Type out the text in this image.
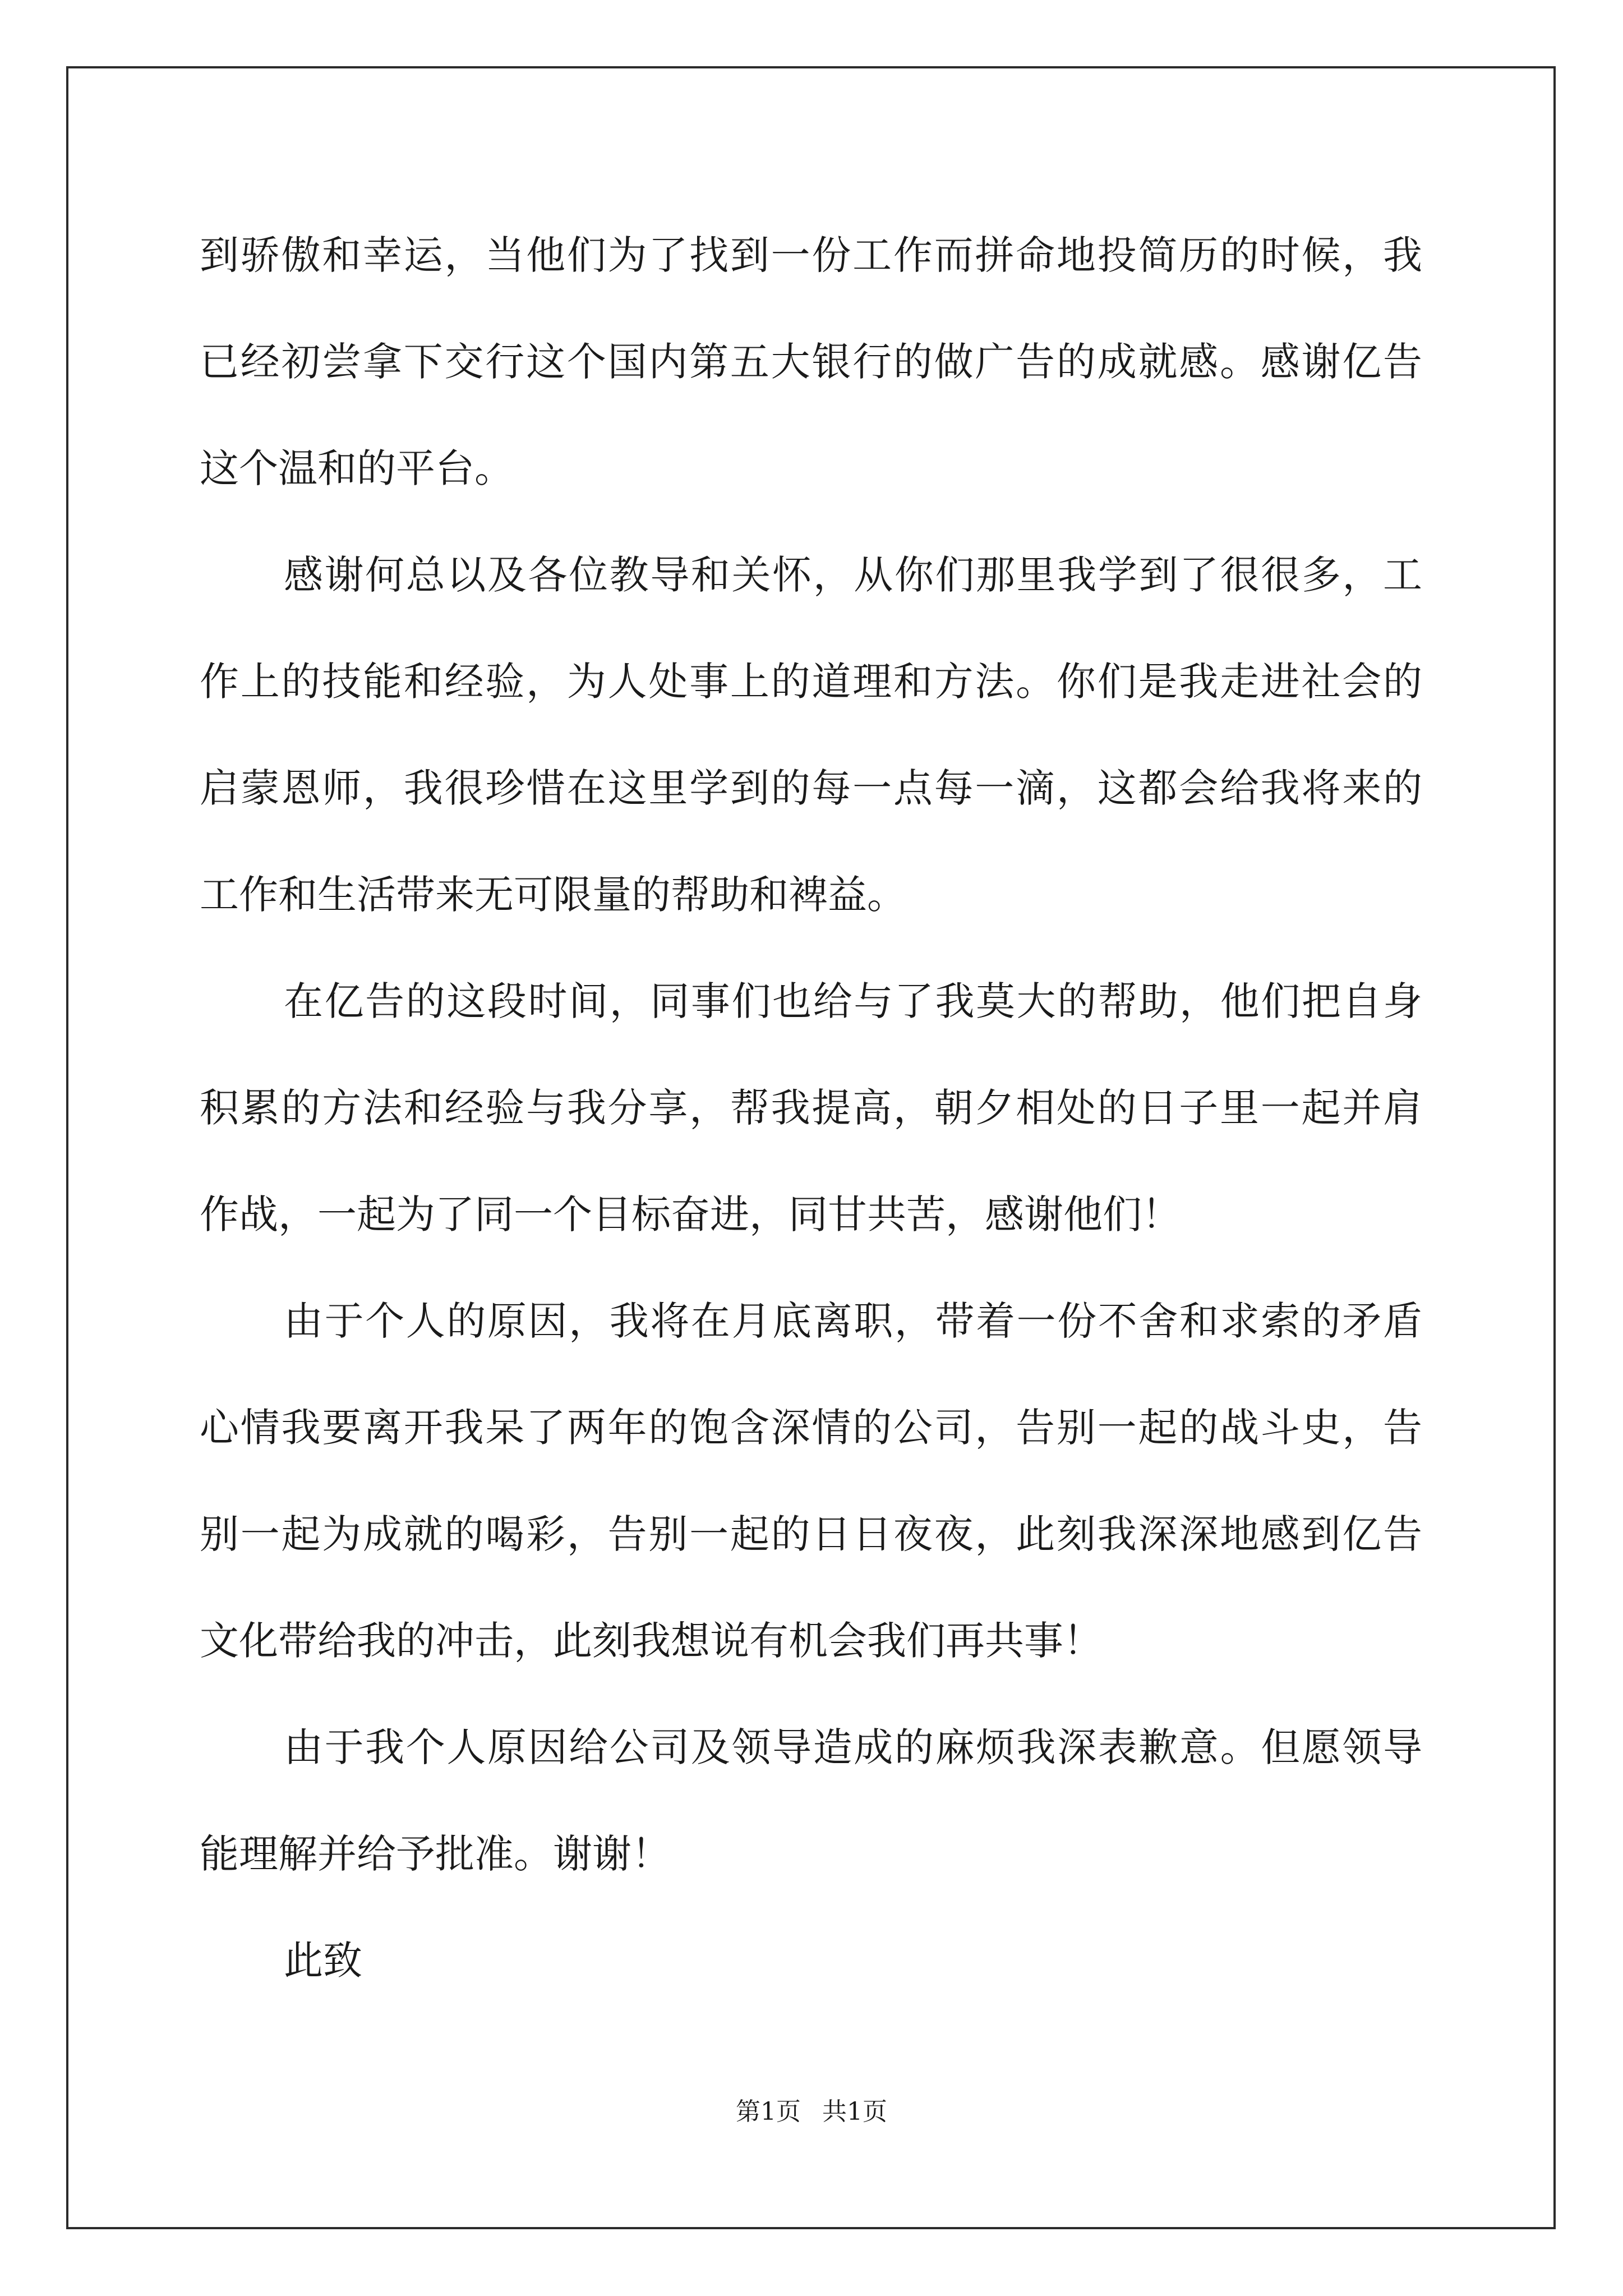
到骄傲和幸运，当他们为了找到一份工作而拼命地投简历的时候，我
已经初尝拿下交行这个国内第五大银行的做广告的成就感。感谢亿告
这个温和的平台。
感谢何总以及各位教导和关怀，从你们那里我学到了很很多，工
作上的技能和经验，为人处事上的道理和方法。你们是我走进社会的
启蒙恩师，我很珍惜在这里学到的每一点每一滴，这都会给我将来的
工作和生活带来无可限量的帮助和裨益。
在亿告的这段时间，同事们也给与了我莫大的帮助，他们把自身
积累的方法和经验与我分享，帮我提高，朝夕相处的日子里一起并肩
作战，一起为了同一个目标奋进，同甘共苦，感谢他们！
由于个人的原因，我将在月底离职，带着一份不舍和求索的矛盾
心情我要离开我呆了两年的饱含深情的公司，告别一起的战斗史，告
别一起为成就的喝彩，告别一起的日日夜夜，此刻我深深地感到亿告
文化带给我的冲击，此刻我想说有机会我们再共事！
由于我个人原因给公司及领导造成的麻烦我深表歉意。但愿领导
能理解并给予批准。谢谢！
此致
第1页 共1页
